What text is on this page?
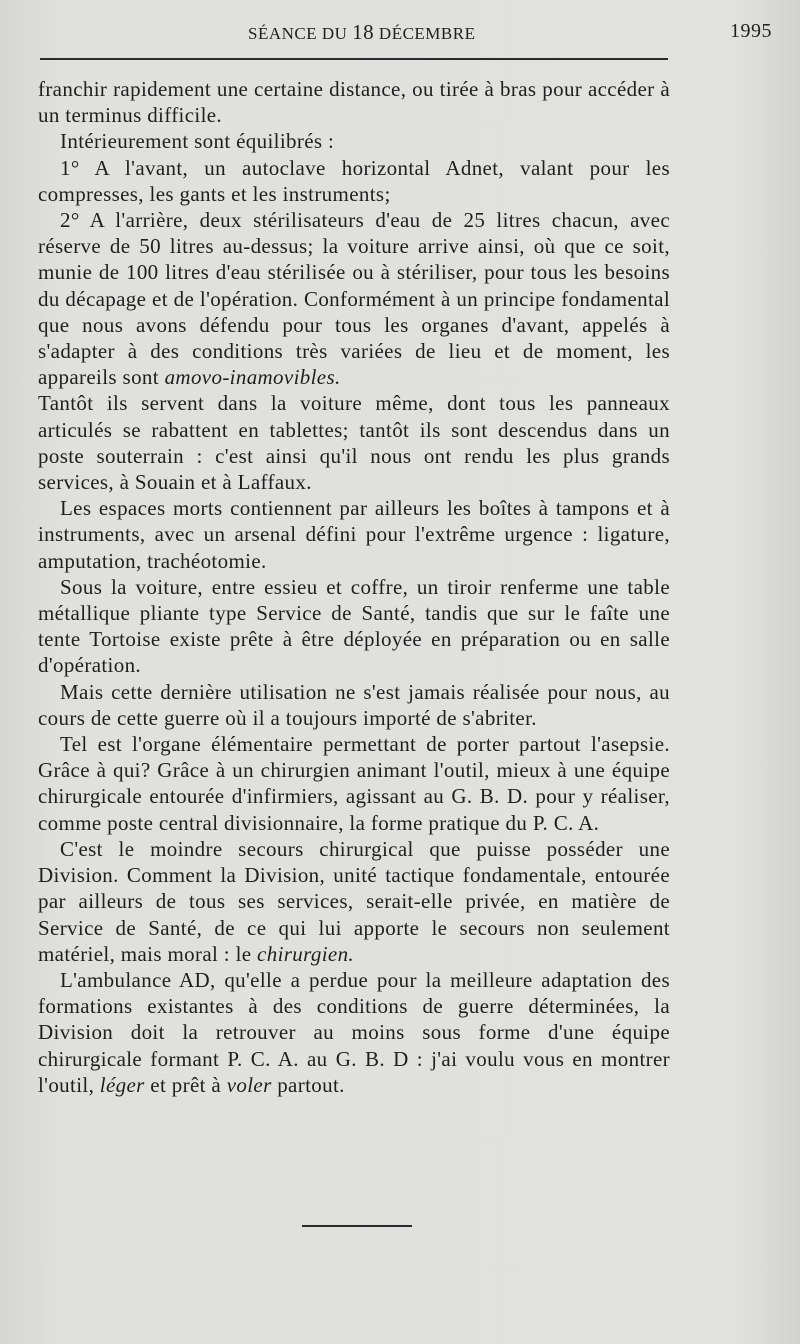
SÉANCE DU 18 DÉCEMBRE	1995

franchir rapidement une certaine distance, ou tirée à bras pour accéder à un terminus difficile.

Intérieurement sont équilibrés :

1° A l'avant, un autoclave horizontal Adnet, valant pour les compresses, les gants et les instruments;

2° A l'arrière, deux stérilisateurs d'eau de 25 litres chacun, avec réserve de 50 litres au-dessus; la voiture arrive ainsi, où que ce soit, munie de 100 litres d'eau stérilisée ou à stériliser, pour tous les besoins du décapage et de l'opération. Conformément à un principe fondamental que nous avons défendu pour tous les organes d'avant, appelés à s'adapter à des conditions très variées de lieu et de moment, les appareils sont amovo-inamovibles.

Tantôt ils servent dans la voiture même, dont tous les panneaux articulés se rabattent en tablettes; tantôt ils sont descendus dans un poste souterrain : c'est ainsi qu'il nous ont rendu les plus grands services, à Souain et à Laffaux.

Les espaces morts contiennent par ailleurs les boîtes à tampons et à instruments, avec un arsenal défini pour l'extrême urgence : ligature, amputation, trachéotomie.

Sous la voiture, entre essieu et coffre, un tiroir renferme une table métallique pliante type Service de Santé, tandis que sur le faîte une tente Tortoise existe prête à être déployée en préparation ou en salle d'opération.

Mais cette dernière utilisation ne s'est jamais réalisée pour nous, au cours de cette guerre où il a toujours importé de s'abriter.

Tel est l'organe élémentaire permettant de porter partout l'asepsie. Grâce à qui? Grâce à un chirurgien animant l'outil, mieux à une équipe chirurgicale entourée d'infirmiers, agissant au G. B. D. pour y réaliser, comme poste central divisionnaire, la forme pratique du P. C. A.

C'est le moindre secours chirurgical que puisse posséder une Division. Comment la Division, unité tactique fondamentale, entourée par ailleurs de tous ses services, serait-elle privée, en matière de Service de Santé, de ce qui lui apporte le secours non seulement matériel, mais moral : le chirurgien.

L'ambulance AD, qu'elle a perdue pour la meilleure adaptation des formations existantes à des conditions de guerre déterminées, la Division doit la retrouver au moins sous forme d'une équipe chirurgicale formant P. C. A. au G. B. D : j'ai voulu vous en montrer l'outil, léger et prêt à voler partout.
